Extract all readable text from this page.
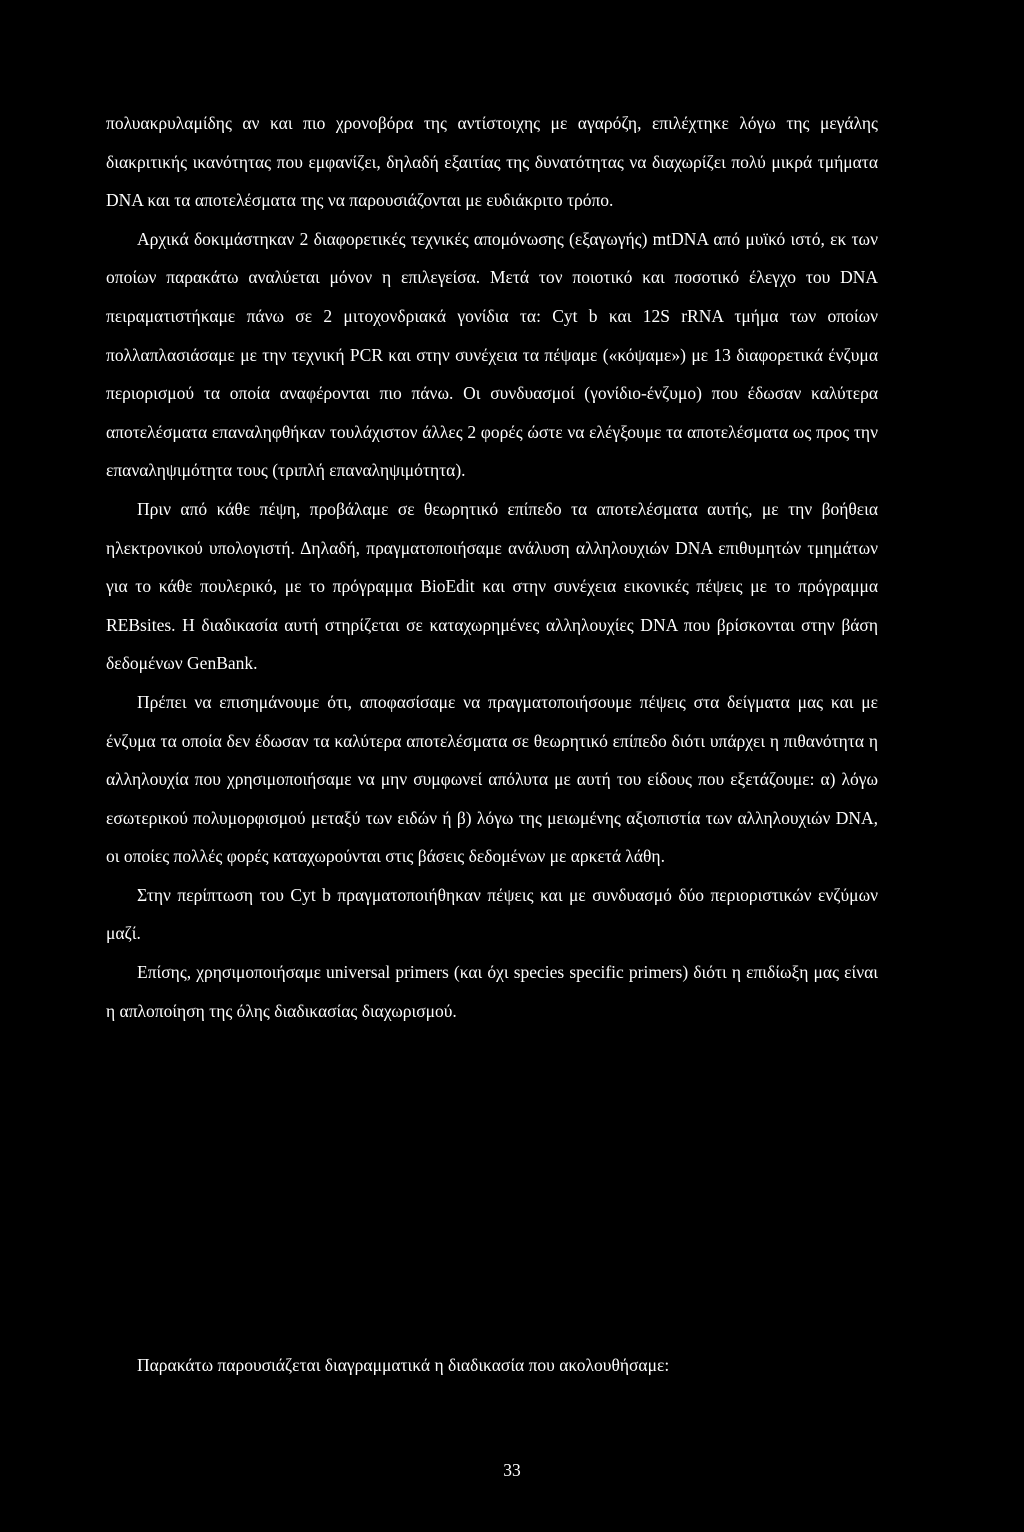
πολυακρυλαμίδης αν και πιο χρονοβόρα της αντίστοιχης με αγαρόζη, επιλέχτηκε λόγω της μεγάλης διακριτικής ικανότητας που εμφανίζει, δηλαδή εξαιτίας της δυνατότητας να διαχωρίζει πολύ μικρά τμήματα DNA και τα αποτελέσματα της να παρουσιάζονται με ευδιάκριτο τρόπο.

Αρχικά δοκιμάστηκαν 2 διαφορετικές τεχνικές απομόνωσης (εξαγωγής) mtDNA από μυϊκό ιστό, εκ των οποίων παρακάτω αναλύεται μόνον η επιλεγείσα. Μετά τον ποιοτικό και ποσοτικό έλεγχο του DNA πειραματιστήκαμε πάνω σε 2 μιτοχονδριακά γονίδια τα: Cyt b και 12S rRNA τμήμα των οποίων πολλαπλασιάσαμε με την τεχνική PCR και στην συνέχεια τα πέψαμε («κόψαμε») με 13 διαφορετικά ένζυμα περιορισμού τα οποία αναφέρονται πιο πάνω. Οι συνδυασμοί (γονίδιο-ένζυμο) που έδωσαν καλύτερα αποτελέσματα επαναληφθήκαν τουλάχιστον άλλες 2 φορές ώστε να ελέγξουμε τα αποτελέσματα ως προς την επαναληψιμότητα τους (τριπλή επαναληψιμότητα).

Πριν από κάθε πέψη, προβάλαμε σε θεωρητικό επίπεδο τα αποτελέσματα αυτής, με την βοήθεια ηλεκτρονικού υπολογιστή. Δηλαδή, πραγματοποιήσαμε ανάλυση αλληλουχιών DNA επιθυμητών τμημάτων για το κάθε πουλερικό, με το πρόγραμμα BioEdit και στην συνέχεια εικονικές πέψεις με το πρόγραμμα REBsites. Η διαδικασία αυτή στηρίζεται σε καταχωρημένες αλληλουχίες DNA που βρίσκονται στην βάση δεδομένων GenBank.

Πρέπει να επισημάνουμε ότι, αποφασίσαμε να πραγματοποιήσουμε πέψεις στα δείγματα μας και με ένζυμα τα οποία δεν έδωσαν τα καλύτερα αποτελέσματα σε θεωρητικό επίπεδο διότι υπάρχει η πιθανότητα η αλληλουχία που χρησιμοποιήσαμε να μην συμφωνεί απόλυτα με αυτή του είδους που εξετάζουμε: α) λόγω εσωτερικού πολυμορφισμού μεταξύ των ειδών ή β) λόγω της μειωμένης αξιοπιστία των αλληλουχιών DNA, οι οποίες πολλές φορές καταχωρούνται στις βάσεις δεδομένων με αρκετά λάθη.

Στην περίπτωση του Cyt b πραγματοποιήθηκαν πέψεις και με συνδυασμό δύο περιοριστικών ενζύμων μαζί.

Επίσης, χρησιμοποιήσαμε universal primers (και όχι species specific primers) διότι η επιδίωξη μας είναι η απλοποίηση της όλης διαδικασίας διαχωρισμού.

Παρακάτω παρουσιάζεται διαγραμματικά η διαδικασία που ακολουθήσαμε:

33
